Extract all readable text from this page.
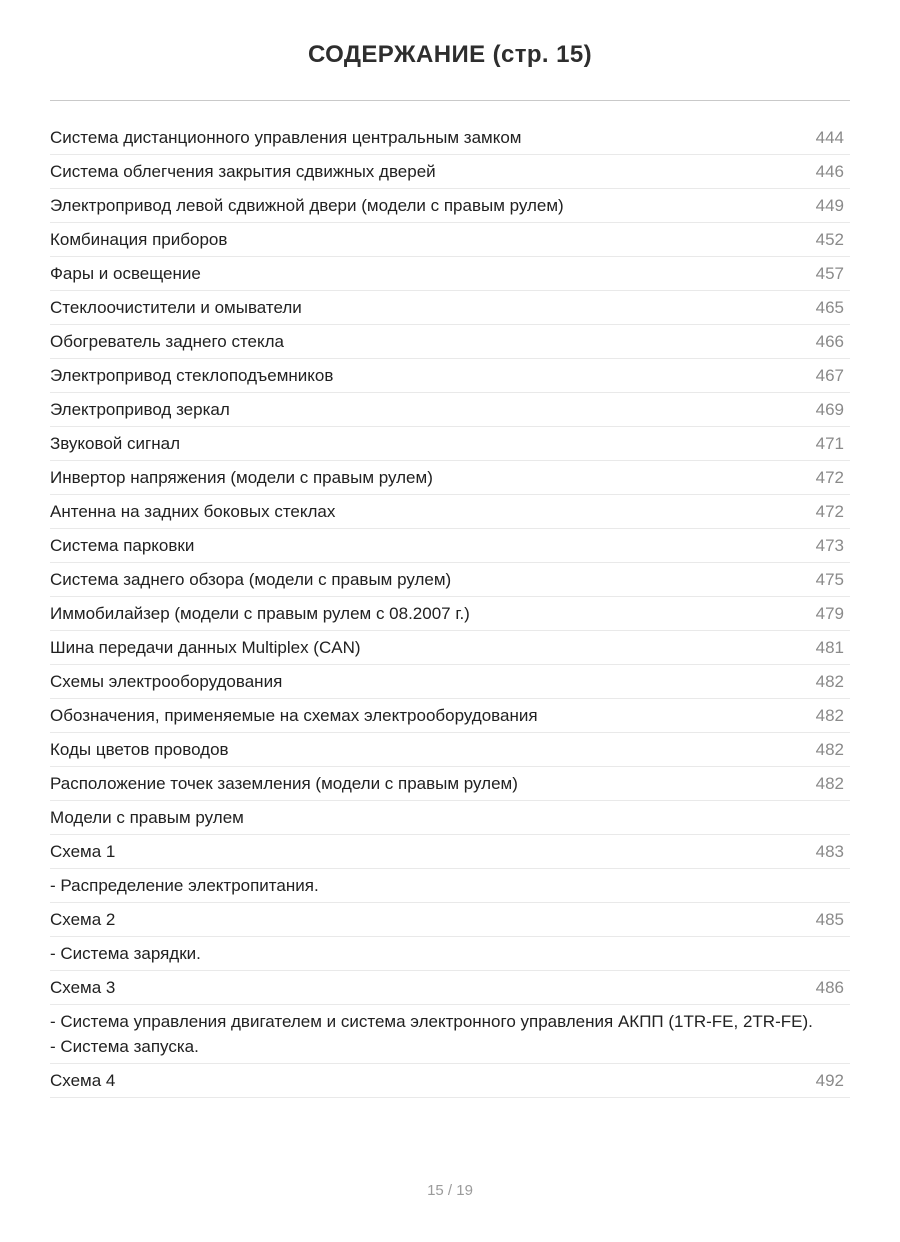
СОДЕРЖАНИЕ (стр. 15)
Система дистанционного управления центральным замком	444
Система облегчения закрытия сдвижных дверей	446
Электропривод левой сдвижной двери (модели с правым рулем)	449
Комбинация приборов	452
Фары и освещение	457
Стеклоочистители и омыватели	465
Обогреватель заднего стекла	466
Электропривод стеклоподъемников	467
Электропривод зеркал	469
Звуковой сигнал	471
Инвертор напряжения (модели с правым рулем)	472
Антенна на задних боковых стеклах	472
Система парковки	473
Система заднего обзора (модели с правым рулем)	475
Иммобилайзер (модели с правым рулем с 08.2007 г.)	479
Шина передачи данных Multiplex (CAN)	481
Схемы электрооборудования	482
Обозначения, применяемые на схемах электрооборудования	482
Коды цветов проводов	482
Расположение точек заземления (модели с правым рулем)	482
Модели с правым рулем
Схема 1	483
- Распределение электропитания.
Схема 2	485
- Система зарядки.
Схема 3	486
- Система управления двигателем и система электронного управления АКПП (1TR-FE, 2TR-FE). - Система запуска.
Схема 4	492
15 / 19
